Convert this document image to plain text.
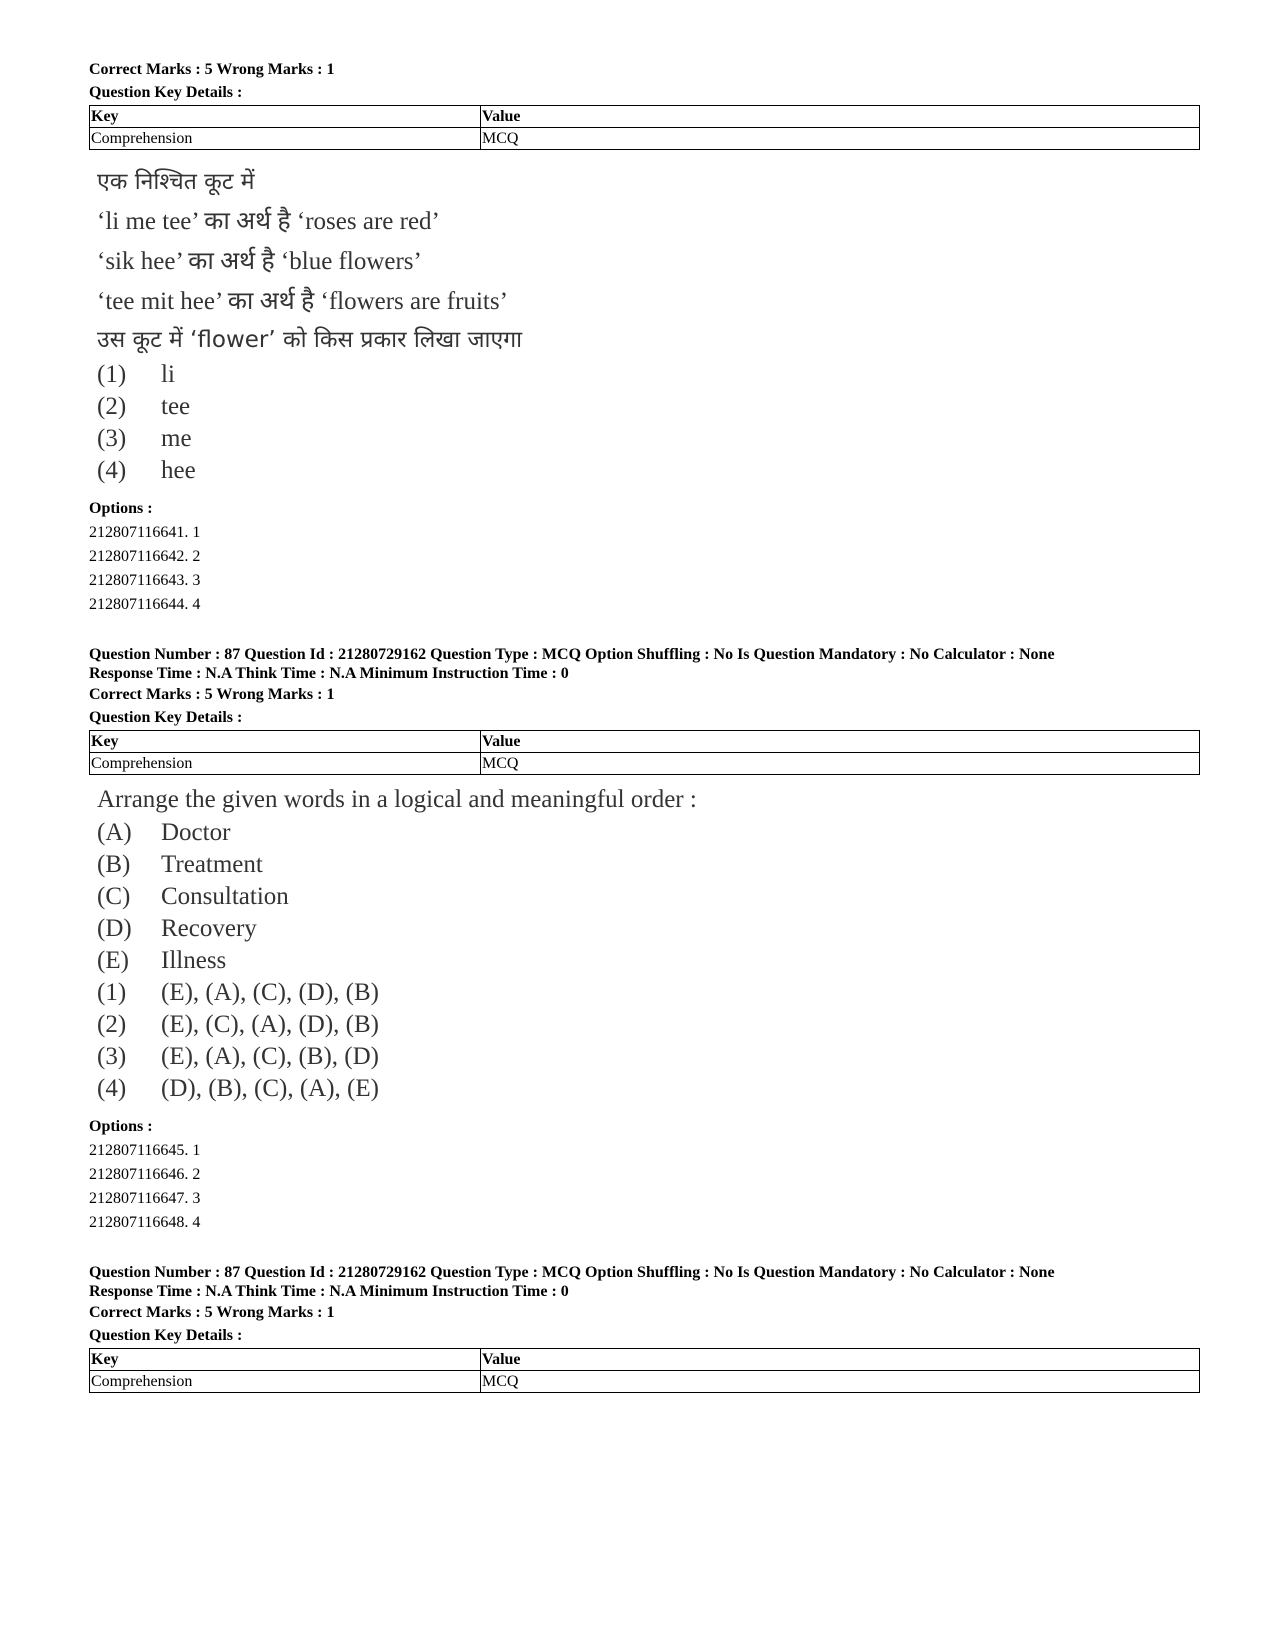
Correct Marks : 5 Wrong Marks : 1
Question Key Details :
Key	Value
Comprehension	MCQ
एक निश्चित कूट में
‘li me tee’ का अर्थ है ‘roses are red’
‘sik hee’ का अर्थ है ‘blue flowers’
‘tee mit hee’ का अर्थ है ‘flowers are fruits’
उस कूट में ‘flower’ को किस प्रकार लिखा जाएगा
(1)	li
(2)	tee
(3)	me
(4)	hee
Options :
212807116641. 1
212807116642. 2
212807116643. 3
212807116644. 4
Question Number : 87 Question Id : 21280729162 Question Type : MCQ Option Shuffling : No Is Question Mandatory : No Calculator : None
Response Time : N.A Think Time : N.A Minimum Instruction Time : 0
Correct Marks : 5 Wrong Marks : 1
Question Key Details :
Key	Value
Comprehension	MCQ
Arrange the given words in a logical and meaningful order :
(A)	Doctor
(B)	Treatment
(C)	Consultation
(D)	Recovery
(E)	Illness
(1)	(E), (A), (C), (D), (B)
(2)	(E), (C), (A), (D), (B)
(3)	(E), (A), (C), (B), (D)
(4)	(D), (B), (C), (A), (E)
Options :
212807116645. 1
212807116646. 2
212807116647. 3
212807116648. 4
Question Number : 87 Question Id : 21280729162 Question Type : MCQ Option Shuffling : No Is Question Mandatory : No Calculator : None
Response Time : N.A Think Time : N.A Minimum Instruction Time : 0
Correct Marks : 5 Wrong Marks : 1
Question Key Details :
Key	Value
Comprehension	MCQ
